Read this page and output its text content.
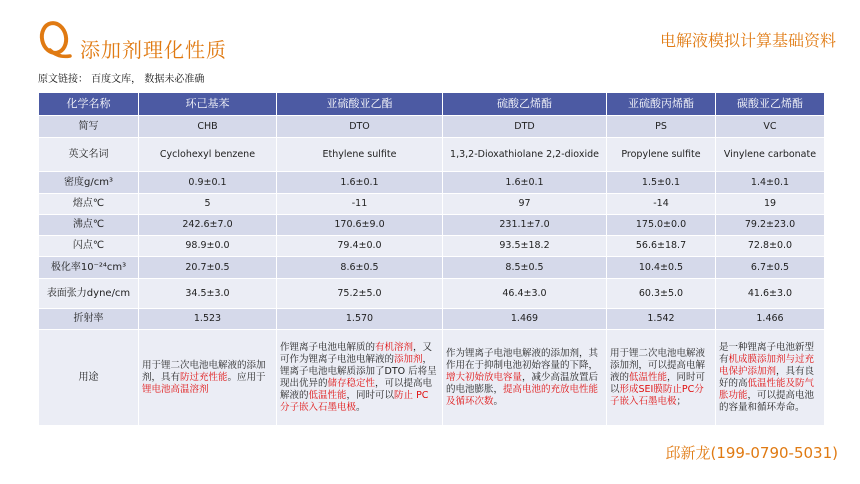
添加剂理化性质	电解液模拟计算基础资料
原文链接： 百度文库， 数据未必准确
化学名称	环己基苯	亚硫酸亚乙酯	硫酸乙烯酯	亚硫酸丙烯酯	碳酸亚乙烯酯
简写	CHB	DTO	DTD	PS	VC
英文名词	Cyclohexyl benzene	Ethylene sulfite	1,3,2-Dioxathiolane 2,2-dioxide	Propylene sulfite	Vinylene carbonate
密度g/cm³	0.9±0.1	1.6±0.1	1.6±0.1	1.5±0.1	1.4±0.1
熔点℃	5	-11	97	-14	19
沸点℃	242.6±7.0	170.6±9.0	231.1±7.0	175.0±0.0	79.2±23.0
闪点℃	98.9±0.0	79.4±0.0	93.5±18.2	56.6±18.7	72.8±0.0
极化率10⁻²⁴cm³	20.7±0.5	8.6±0.5	8.5±0.5	10.4±0.5	6.7±0.5
表面张力dyne/cm	34.5±3.0	75.2±5.0	46.4±3.0	60.3±5.0	41.6±3.0
折射率	1.523	1.570	1.469	1.542	1.466
用途	用于锂二次电池电解液的添加剂，具有防过充性能。应用于锂电池高温溶剂	作锂离子电池电解质的有机溶剂，又可作为锂离子电池电解液的添加剂，锂离子电池电解质添加了DTO 后将呈现出优异的储存稳定性，可以提高电解液的低温性能，同时可以防止 PC 分子嵌入石墨电极。	作为锂离子电池电解液的添加剂，其作用在于抑制电池初始容量的下降，增大初始放电容量，减少高温放置后的电池膨胀，提高电池的充放电性能及循环次数。	用于锂二次电池电解液添加剂，可以提高电解液的低温性能，同时可以形成SEI膜防止PC分子嵌入石墨电极；	是一种锂离子电池新型有机成膜添加剂与过充电保护添加剂，具有良好的高低温性能及防气胀功能，可以提高电池的容量和循环寿命。
邱新龙(199-0790-5031)
